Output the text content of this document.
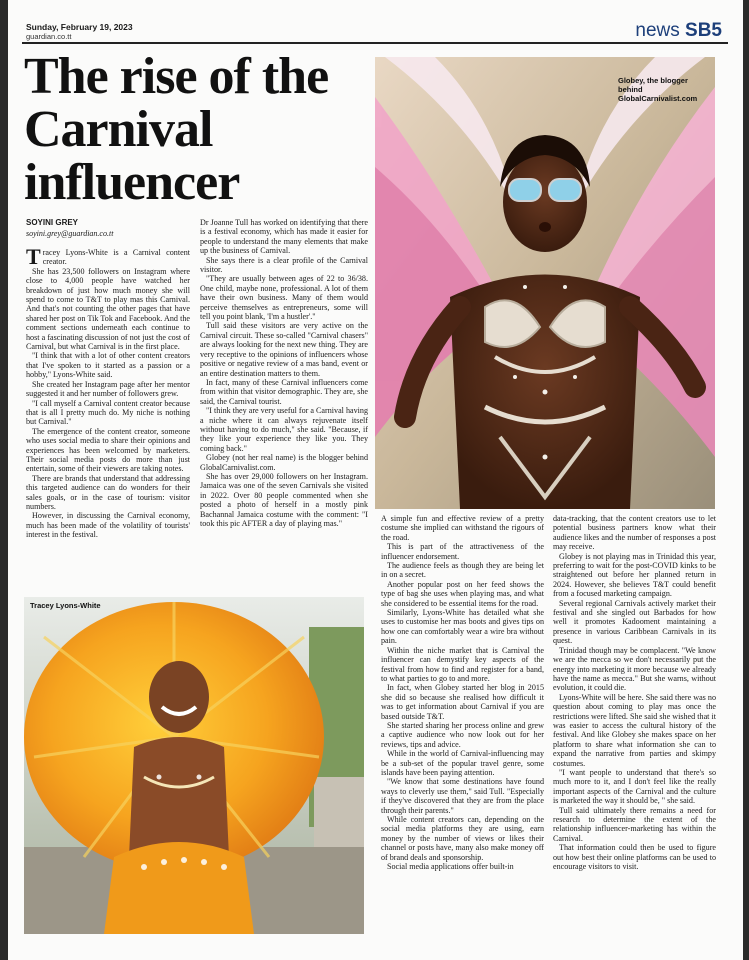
Sunday, February 19, 2023
guardian.co.tt	news SB5
The rise of the Carnival influencer
SOYINI GREY
soyini.grey@guardian.co.tt

Tracey Lyons-White is a Carnival content creator.

She has 23,500 followers on Instagram where close to 4,000 people have watched her breakdown of just how much money she will spend to come to T&T to play mas this Carnival. And that's not counting the other pages that have shared her post on Tik Tok and Facebook. And the comment sections underneath each continue to host a fascinating discussion of not just the cost of Carnival, but what Carnival is in the first place.

"I think that with a lot of other content creators that I've spoken to it started as a passion or a hobby," Lyons-White said.

She created her Instagram page after her mentor suggested it and her number of followers grew.

"I call myself a Carnival content creator because that is all I pretty much do. My niche is nothing but Carnival."

The emergence of the content creator, someone who uses social media to share their opinions and experiences has been welcomed by marketers. Their social media posts do more than just entertain, some of their viewers are taking notes.

There are brands that understand that addressing this targeted audience can do wonders for their sales goals, or in the case of tourism: visitor numbers.

However, in discussing the Carnival economy, much has been made of the volatility of tourists' interest in the festival.

Dr Joanne Tull has worked on identifying that there is a festival economy, which has made it easier for people to understand the many elements that make up the business of Carnival.

She says there is a clear profile of the Carnival visitor.

"They are usually between ages of 22 to 36/38. One child, maybe none, professional. A lot of them have their own business. Many of them would perceive themselves as entrepreneurs, some will tell you point blank, 'I'm a hustler'."

Tull said these visitors are very active on the Carnival circuit. These so-called "Carnival chasers" are always looking for the next new thing. They are very receptive to the opinions of influencers whose positive or negative review of a mas band, event or an entire destination matters to them.

In fact, many of these Carnival influencers come from within that visitor demographic. They are, she said, the Carnival tourist.

"I think they are very useful for a Carnival having a niche where it can always rejuvenate itself without having to do much," she said. "Because, if they like your experience they like you. They coming back."

Globey (not her real name) is the blogger behind GlobalCarnivalist.com.

She has over 29,000 followers on her Instagram. Jamaica was one of the seven Carnivals she visited in 2022. Over 80 people commented when she posted a photo of herself in a mostly pink Bachannal Jamaica costume with the comment: "I took this pic AFTER a day of playing mas."

Globey, the blogger behind GlobalCarnivalist.com
Tracey Lyons-White

A simple fun and effective review of a pretty costume she implied can withstand the rigours of the road.

This is part of the attractiveness of the influencer endorsement.

The audience feels as though they are being let in on a secret.

Another popular post on her feed shows the type of bag she uses when playing mas, and what she considered to be essential items for the road.

Similarly, Lyons-White has detailed what she uses to customise her mas boots and gives tips on how one can comfortably wear a wire bra without pain.

Within the niche market that is Carnival the influencer can demystify key aspects of the festival from how to find and register for a band, to what parties to go to and more.

In fact, when Globey started her blog in 2015 she did so because she realised how difficult it was to get information about Carnival if you are based outside T&T.

She started sharing her process online and grew a captive audience who now look out for her reviews, tips and advice.

While in the world of Carnival-influencing may be a sub-set of the popular travel genre, some islands have been paying attention.

"We know that some destinations have found ways to cleverly use them," said Tull. "Especially if they've discovered that they are from the place through their parents."

While content creators can, depending on the social media platforms they are using, earn money by the number of views or likes their channel or posts have, many also make money off of brand deals and sponsorship.

Social media applications offer built-in

data-tracking, that the content creators use to let potential business partners know what their audience likes and the number of responses a post may receive.

Globey is not playing mas in Trinidad this year, preferring to wait for the post-COVID kinks to be straightened out before her planned return in 2024. However, she believes T&T could benefit from a focused marketing campaign.

Several regional Carnivals actively market their festival and she singled out Barbados for how well it promotes Kadooment maintaining a presence in various Caribbean Carnivals in its quest.

Trinidad though may be complacent. "We know we are the mecca so we don't necessarily put the energy into marketing it more because we already have the name as mecca." But she warns, without evolution, it could die.

Lyons-White will be here. She said there was no question about coming to play mas once the restrictions were lifted. She said she wished that it was easier to access the cultural history of the festival. And like Globey she makes space on her platform to share what information she can to expand the narrative from parties and skimpy costumes.

"I want people to understand that there's so much more to it, and I don't feel like the really important aspects of the Carnival and the culture is marketed the way it should be, " she said.

Tull said ultimately there remains a need for research to determine the extent of the relationship influencer-marketing has within the Carnival.

That information could then be used to figure out how best their online platforms can be used to encourage visitors to visit.
